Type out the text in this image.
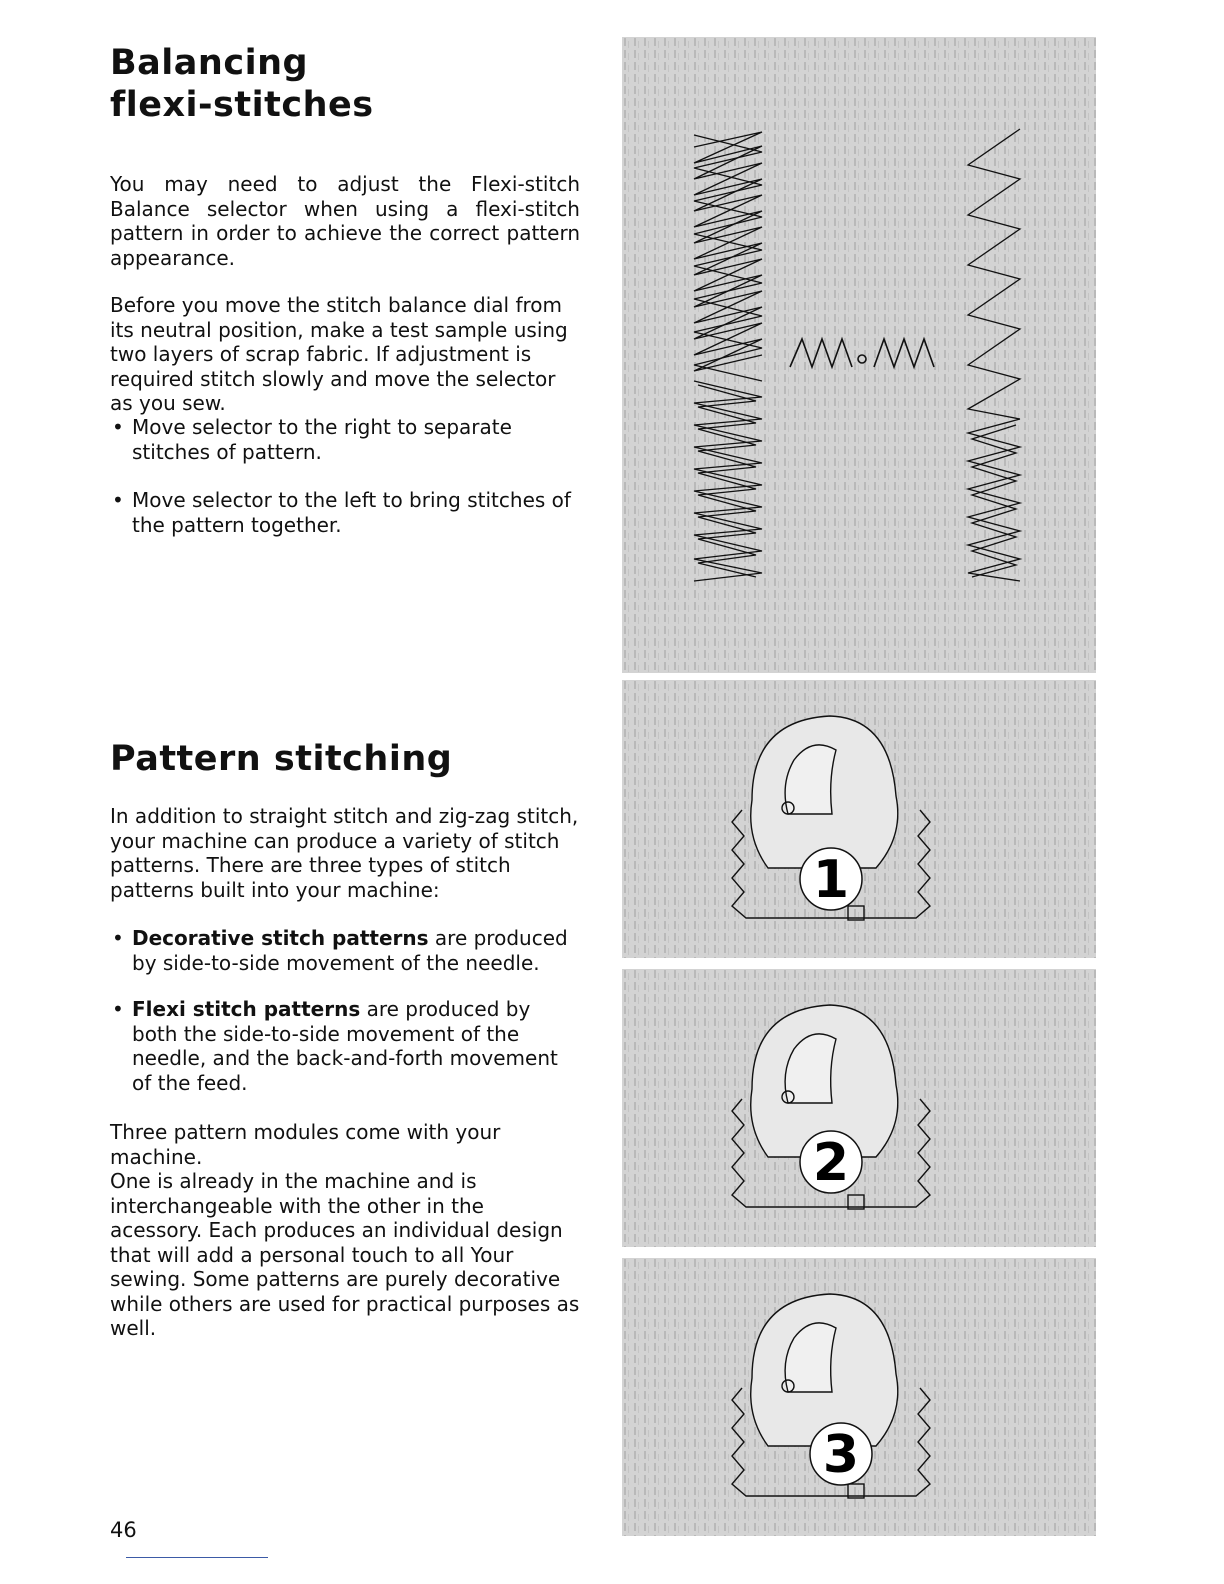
Balancing
flexi-stitches

You may need to adjust the Flexi-stitch Balance selector when using a flexi-stitch pattern in order to achieve the correct pattern appearance.

Before you move the stitch balance dial from its neutral position, make a test sample using two layers of scrap fabric. If adjustment is required stitch slowly and move the selector as you sew.

• Move selector to the right to separate stitches of pattern.
• Move selector to the left to bring stitches of the pattern together.
Pattern stitching

In addition to straight stitch and zig-zag stitch, your machine can produce a variety of stitch patterns. There are three types of stitch patterns built into your machine:

• Decorative stitch patterns are produced by side-to-side movement of the needle.
• Flexi stitch patterns are produced by both the side-to-side movement of the needle, and the back-and-forth movement of the feed.

Three pattern modules come with your machine.
One is already in the machine and is interchangeable with the other in the acessory. Each produces an individual design that will add a personal touch to all Your sewing. Some patterns are purely decorative while others are used for practical purposes as well.

46
1
2
3
